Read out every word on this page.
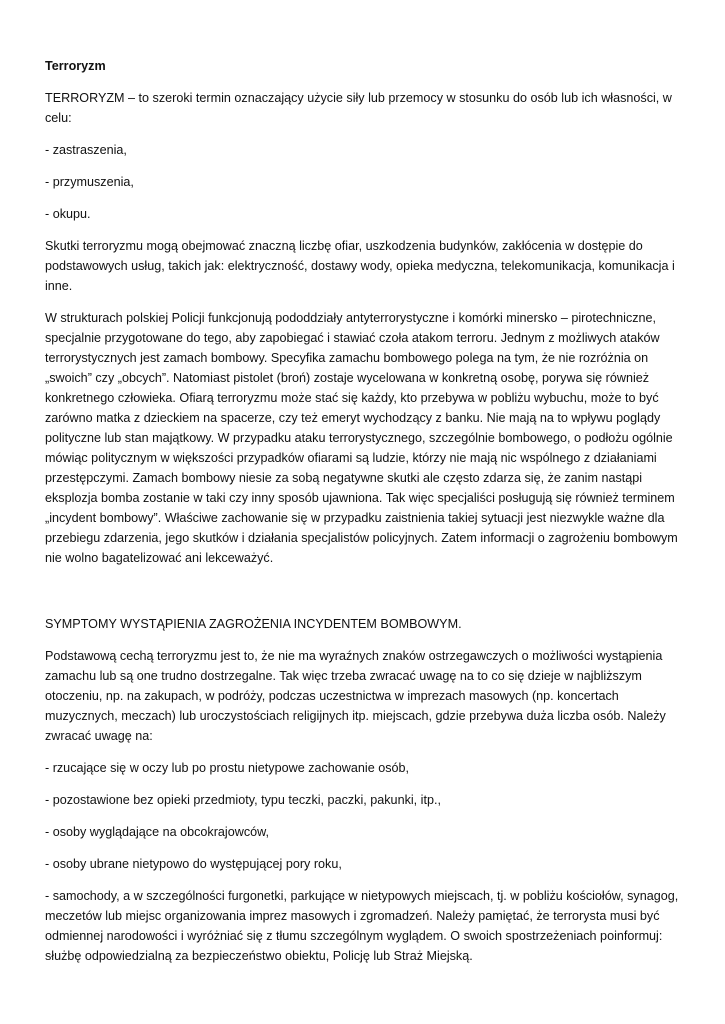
Terroryzm

TERRORYZM – to szeroki termin oznaczający użycie siły lub przemocy w stosunku do osób lub ich własności, w celu:

- zastraszenia,

- przymuszenia,

- okupu.

Skutki terroryzmu mogą obejmować znaczną liczbę ofiar, uszkodzenia budynków, zakłócenia w dostępie do podstawowych usług, takich jak: elektryczność, dostawy wody, opieka medyczna, telekomunikacja, komunikacja i inne.

W strukturach polskiej Policji funkcjonują pododdziały antyterrorystyczne i komórki minersko – pirotechniczne, specjalnie przygotowane do tego, aby zapobiegać i stawiać czoła atakom terroru. Jednym z możliwych ataków terrorystycznych jest zamach bombowy. Specyfika zamachu bombowego polega na tym, że nie rozróżnia on „swoich” czy „obcych”. Natomiast pistolet (broń) zostaje wycelowana w konkretną osobę, porywa się również konkretnego człowieka. Ofiarą terroryzmu może stać się każdy, kto przebywa w pobliżu wybuchu, może to być zarówno matka z dzieckiem na spacerze, czy też emeryt wychodzący z banku. Nie mają na to wpływu poglądy polityczne lub stan majątkowy. W przypadku ataku terrorystycznego, szczególnie bombowego, o podłożu ogólnie mówiąc politycznym w większości przypadków ofiarami są ludzie, którzy nie mają nic wspólnego z działaniami przestępczymi. Zamach bombowy niesie za sobą negatywne skutki ale często zdarza się, że zanim nastąpi eksplozja bomba zostanie w taki czy inny sposób ujawniona. Tak więc specjaliści posługują się również terminem „incydent bombowy”. Właściwe zachowanie się w przypadku zaistnienia takiej sytuacji jest niezwykle ważne dla przebiegu zdarzenia, jego skutków i działania specjalistów policyjnych. Zatem informacji o zagrożeniu bombowym nie wolno bagatelizować ani lekceważyć.

SYMPTOMY WYSTĄPIENIA ZAGROŻENIA INCYDENTEM BOMBOWYM.

Podstawową cechą terroryzmu jest to, że nie ma wyraźnych znaków ostrzegawczych o możliwości wystąpienia zamachu lub są one trudno dostrzegalne. Tak więc trzeba zwracać uwagę na to co się dzieje w najbliższym otoczeniu, np. na zakupach, w podróży, podczas uczestnictwa w imprezach masowych (np. koncertach muzycznych, meczach) lub uroczystościach religijnych itp. miejscach, gdzie przebywa duża liczba osób. Należy zwracać uwagę na:

- rzucające się w oczy lub po prostu nietypowe zachowanie osób,

- pozostawione bez opieki przedmioty, typu teczki, paczki, pakunki, itp.,

- osoby wyglądające na obcokrajowców,

- osoby ubrane nietypowo do występującej pory roku,

- samochody, a w szczególności furgonetki, parkujące w nietypowych miejscach, tj. w pobliżu kościołów, synagog, meczetów lub miejsc organizowania imprez masowych i zgromadzeń. Należy pamiętać, że terrorysta musi być odmiennej narodowości i wyróżniać się z tłumu szczególnym wyglądem. O swoich spostrzeżeniach poinformuj: służbę odpowiedzialną za bezpieczeństwo obiektu, Policję lub Straż Miejską.
